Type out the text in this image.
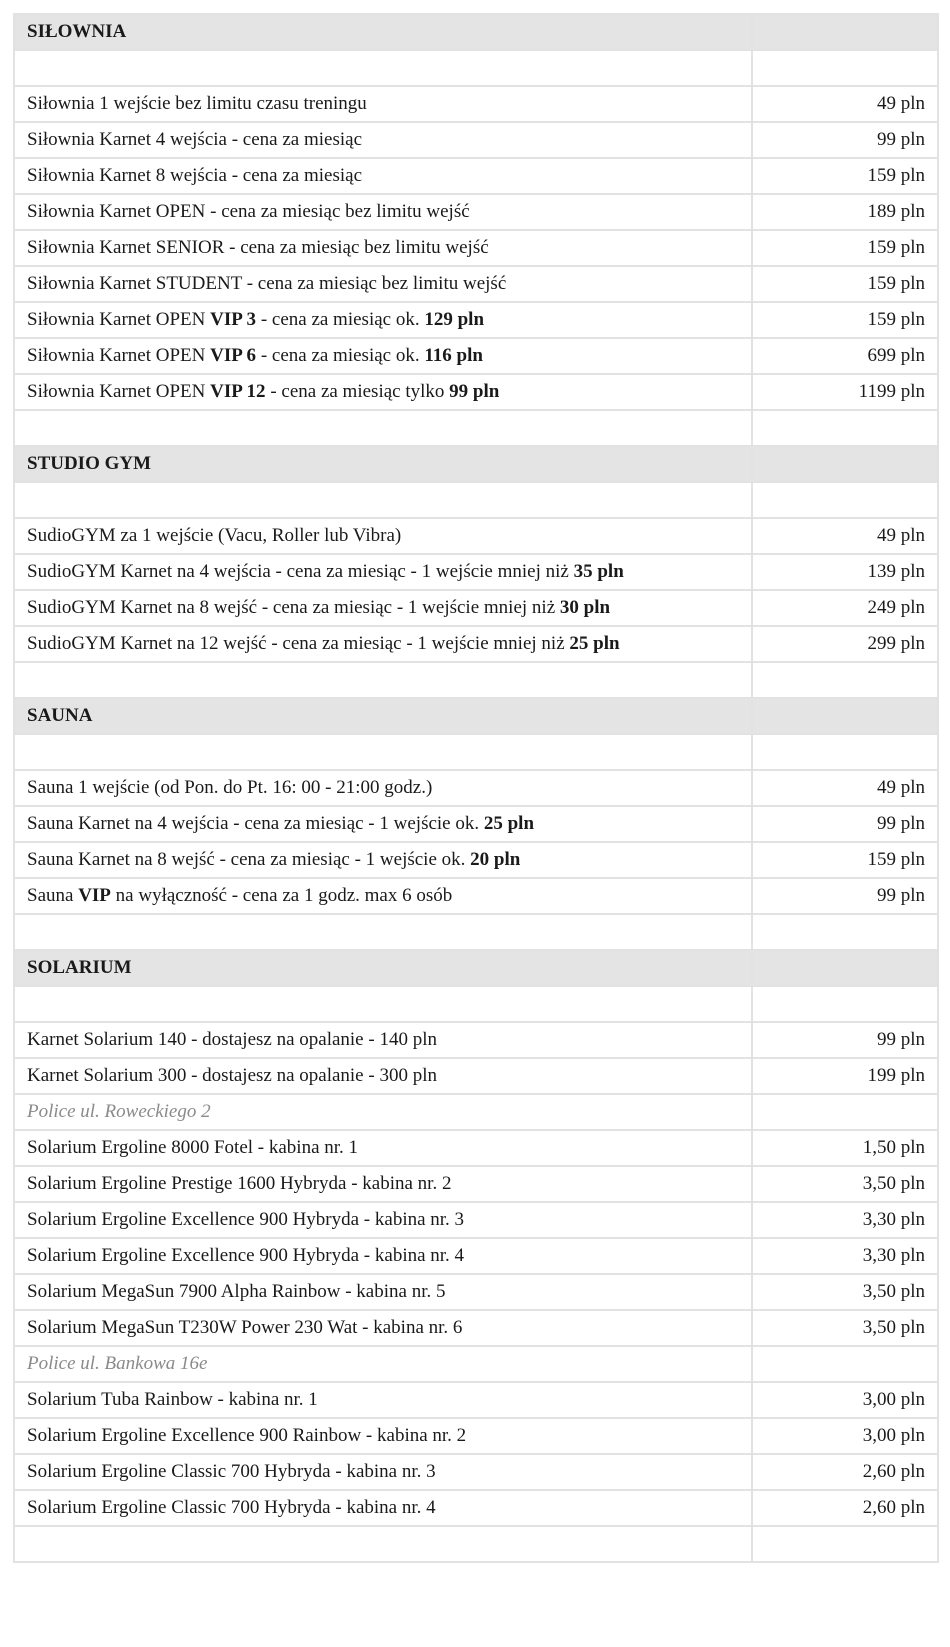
SIŁOWNIA	

Siłownia 1 wejście bez limitu czasu treningu	49 pln
Siłownia Karnet 4 wejścia - cena za miesiąc	99 pln
Siłownia Karnet 8 wejścia - cena za miesiąc	159 pln
Siłownia Karnet OPEN - cena za miesiąc bez limitu wejść	189 pln
Siłownia Karnet SENIOR - cena za miesiąc bez limitu wejść	159 pln
Siłownia Karnet STUDENT - cena za miesiąc bez limitu wejść	159 pln
Siłownia Karnet OPEN VIP 3 - cena za miesiąc ok. 129 pln	159 pln
Siłownia Karnet OPEN VIP 6 - cena za miesiąc ok. 116 pln	699 pln
Siłownia Karnet OPEN VIP 12 - cena za miesiąc tylko 99 pln	1199 pln

STUDIO GYM	

SudioGYM za 1 wejście (Vacu, Roller lub Vibra)	49 pln
SudioGYM Karnet na 4 wejścia - cena za miesiąc - 1 wejście mniej niż 35 pln	139 pln
SudioGYM Karnet na 8 wejść - cena za miesiąc - 1 wejście mniej niż 30 pln	249 pln
SudioGYM Karnet na 12 wejść - cena za miesiąc - 1 wejście mniej niż 25 pln	299 pln

SAUNA	

Sauna 1 wejście (od Pon. do Pt. 16: 00 - 21:00 godz.)	49 pln
Sauna Karnet na 4 wejścia - cena za miesiąc - 1 wejście ok. 25 pln	99 pln
Sauna Karnet na 8 wejść - cena za miesiąc - 1 wejście ok. 20 pln	159 pln
Sauna VIP na wyłączność - cena za 1 godz. max 6 osób	99 pln

SOLARIUM	

Karnet Solarium 140 - dostajesz na opalanie - 140 pln	99 pln
Karnet Solarium 300 - dostajesz na opalanie - 300 pln	199 pln
Police ul. Roweckiego 2	
Solarium Ergoline 8000 Fotel - kabina nr. 1	1,50 pln
Solarium Ergoline Prestige 1600 Hybryda - kabina nr. 2	3,50 pln
Solarium Ergoline Excellence 900 Hybryda - kabina nr. 3	3,30 pln
Solarium Ergoline Excellence 900 Hybryda - kabina nr. 4	3,30 pln
Solarium MegaSun 7900 Alpha Rainbow - kabina nr. 5	3,50 pln
Solarium MegaSun T230W Power 230 Wat - kabina nr. 6	3,50 pln
Police ul. Bankowa 16e	
Solarium Tuba Rainbow - kabina nr. 1	3,00 pln
Solarium Ergoline Excellence 900 Rainbow - kabina nr. 2	3,00 pln
Solarium Ergoline Classic 700 Hybryda - kabina nr. 3	2,60 pln
Solarium Ergoline Classic 700 Hybryda - kabina nr. 4	2,60 pln
